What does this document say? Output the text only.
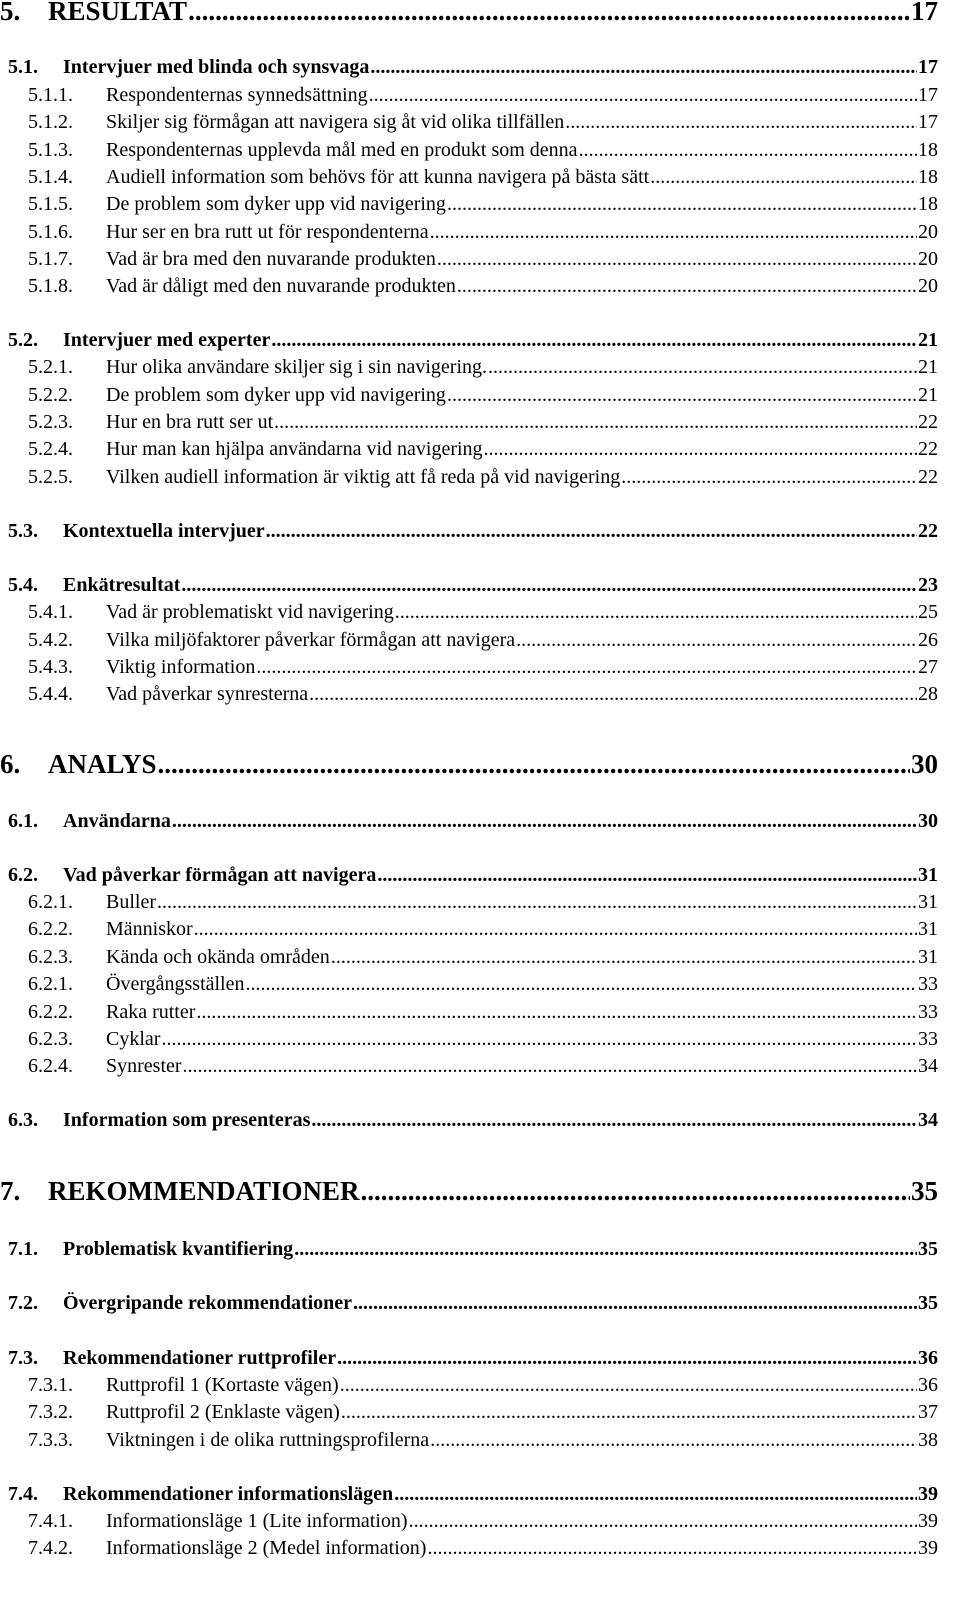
5.	RESULTAT .....	17
5.1.	Intervjuer med blinda och synsvaga .....	17
5.1.1.	Respondenternas synnedsättning .....	17
5.1.2.	Skiljer sig förmågan att navigera sig åt vid olika tillfällen .....	17
5.1.3.	Respondenternas upplevda mål med en produkt som denna .....	18
5.1.4.	Audiell information som behövs för att kunna navigera på bästa sätt .....	18
5.1.5.	De problem som dyker upp vid navigering .....	18
5.1.6.	Hur ser en bra rutt ut för respondenterna .....	20
5.1.7.	Vad är bra med den nuvarande produkten .....	20
5.1.8.	Vad är dåligt med den nuvarande produkten .....	20
5.2.	Intervjuer med experter .....	21
5.2.1.	Hur olika användare skiljer sig i sin navigering. .....	21
5.2.2.	De problem som dyker upp vid navigering .....	21
5.2.3.	Hur en bra rutt ser ut .....	22
5.2.4.	Hur man kan hjälpa användarna vid navigering .....	22
5.2.5.	Vilken audiell information är viktig att få reda på vid navigering .....	22
5.3.	Kontextuella intervjuer .....	22
5.4.	Enkätresultat .....	23
5.4.1.	Vad är problematiskt vid navigering .....	25
5.4.2.	Vilka miljöfaktorer påverkar förmågan att navigera .....	26
5.4.3.	Viktig information .....	27
5.4.4.	Vad påverkar synresterna .....	28
6.	ANALYS .....	30
6.1.	Användarna .....	30
6.2.	Vad påverkar förmågan att navigera .....	31
6.2.1.	Buller .....	31
6.2.2.	Människor .....	31
6.2.3.	Kända och okända områden .....	31
6.2.1.	Övergångsställen .....	33
6.2.2.	Raka rutter .....	33
6.2.3.	Cyklar .....	33
6.2.4.	Synrester .....	34
6.3.	Information som presenteras .....	34
7.	REKOMMENDATIONER .....	35
7.1.	Problematisk kvantifiering .....	35
7.2.	Övergripande rekommendationer .....	35
7.3.	Rekommendationer ruttprofiler .....	36
7.3.1.	Ruttprofil 1 (Kortaste vägen) .....	36
7.3.2.	Ruttprofil 2 (Enklaste vägen) .....	37
7.3.3.	Viktningen i de olika ruttningsprofilerna .....	38
7.4.	Rekommendationer informationslägen .....	39
7.4.1.	Informationsläge 1 (Lite information) .....	39
7.4.2.	Informationsläge 2 (Medel information) .....	39
